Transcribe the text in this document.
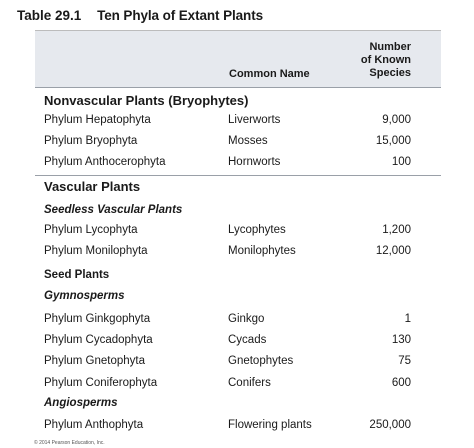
Table 29.1 Ten Phyla of Extant Plants
Common Name
Number
of Known
Species
Nonvascular Plants (Bryophytes)
Phylum Hepatophyta	Liverworts	9,000
Phylum Bryophyta	Mosses	15,000
Phylum Anthocerophyta	Hornworts	100
Vascular Plants
Seedless Vascular Plants
Phylum Lycophyta	Lycophytes	1,200
Phylum Monilophyta	Monilophytes	12,000
Seed Plants
Gymnosperms
Phylum Ginkgophyta	Ginkgo	1
Phylum Cycadophyta	Cycads	130
Phylum Gnetophyta	Gnetophytes	75
Phylum Coniferophyta	Conifers	600
Angiosperms
Phylum Anthophyta	Flowering plants	250,000
© 2014 Pearson Education, Inc.
